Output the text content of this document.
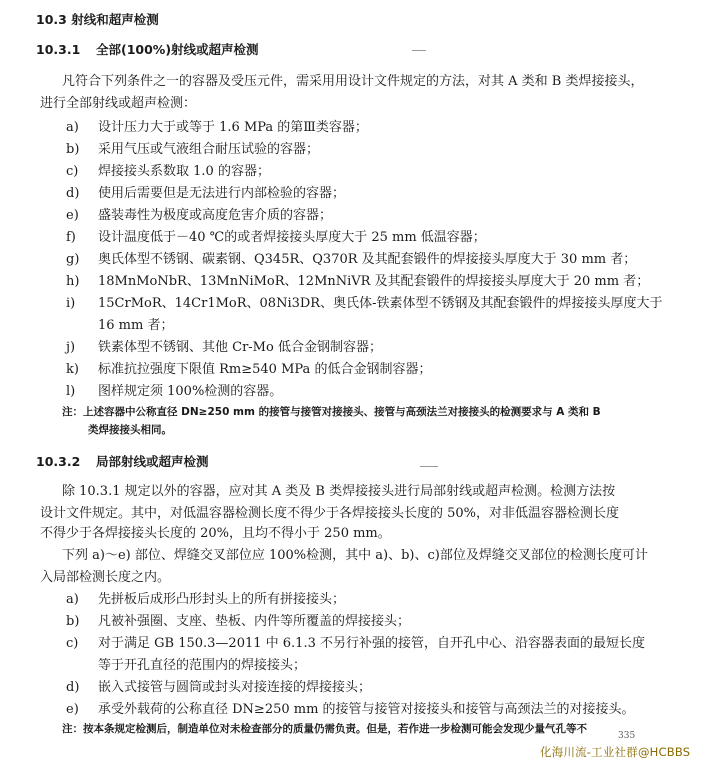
10.3 射线和超声检测
10.3.1 全部(100%)射线或超声检测
凡符合下列条件之一的容器及受压元件，需采用用设计文件规定的方法，对其 A 类和 B 类焊接接头，
进行全部射线或超声检测：
a) 设计压力大于或等于 1.6 MPa 的第Ⅲ类容器；
b) 采用气压或气液组合耐压试验的容器；
c) 焊接接头系数取 1.0 的容器；
d) 使用后需要但是无法进行内部检验的容器；
e) 盛装毒性为极度或高度危害介质的容器；
f) 设计温度低于－40 ℃的或者焊接接头厚度大于 25 mm 低温容器；
g) 奥氏体型不锈钢、碳素钢、Q345R、Q370R 及其配套锻件的焊接接头厚度大于 30 mm 者；
h) 18MnMoNbR、13MnNiMoR、12MnNiVR 及其配套锻件的焊接接头厚度大于 20 mm 者；
i) 15CrMoR、14Cr1MoR、08Ni3DR、奥氏体-铁素体型不锈钢及其配套锻件的焊接接头厚度大于
16 mm 者；
j) 铁素体型不锈钢、其他 Cr-Mo 低合金钢制容器；
k) 标准抗拉强度下限值 Rm≥540 MPa 的低合金钢制容器；
l) 图样规定须 100%检测的容器。
注：上述容器中公称直径 DN≥250 mm 的接管与接管对接接头、接管与高颈法兰对接接头的检测要求与 A 类和 B
类焊接接头相同。
10.3.2 局部射线或超声检测
除 10.3.1 规定以外的容器，应对其 A 类及 B 类焊接接头进行局部射线或超声检测。检测方法按
设计文件规定。其中，对低温容器检测长度不得少于各焊接接头长度的 50%，对非低温容器检测长度
不得少于各焊接接头长度的 20%，且均不得小于 250 mm。
下列 a)～e) 部位、焊缝交叉部位应 100%检测，其中 a)、b)、c)部位及焊缝交叉部位的检测长度可计
入局部检测长度之内。
a) 先拼板后成形凸形封头上的所有拼接接头；
b) 凡被补强圈、支座、垫板、内件等所覆盖的焊接接头；
c) 对于满足 GB 150.3—2011 中 6.1.3 不另行补强的接管，自开孔中心、沿容器表面的最短长度
等于开孔直径的范围内的焊接接头；
d) 嵌入式接管与圆筒或封头对接连接的焊接接头；
e) 承受外载荷的公称直径 DN≥250 mm 的接管与接管对接接头和接管与高颈法兰的对接接头。
注：按本条规定检测后，制造单位对未检查部分的质量仍需负责。但是，若作进一步检测可能会发现少量气孔等不
335
化海川流-工业社群@HCBBS
